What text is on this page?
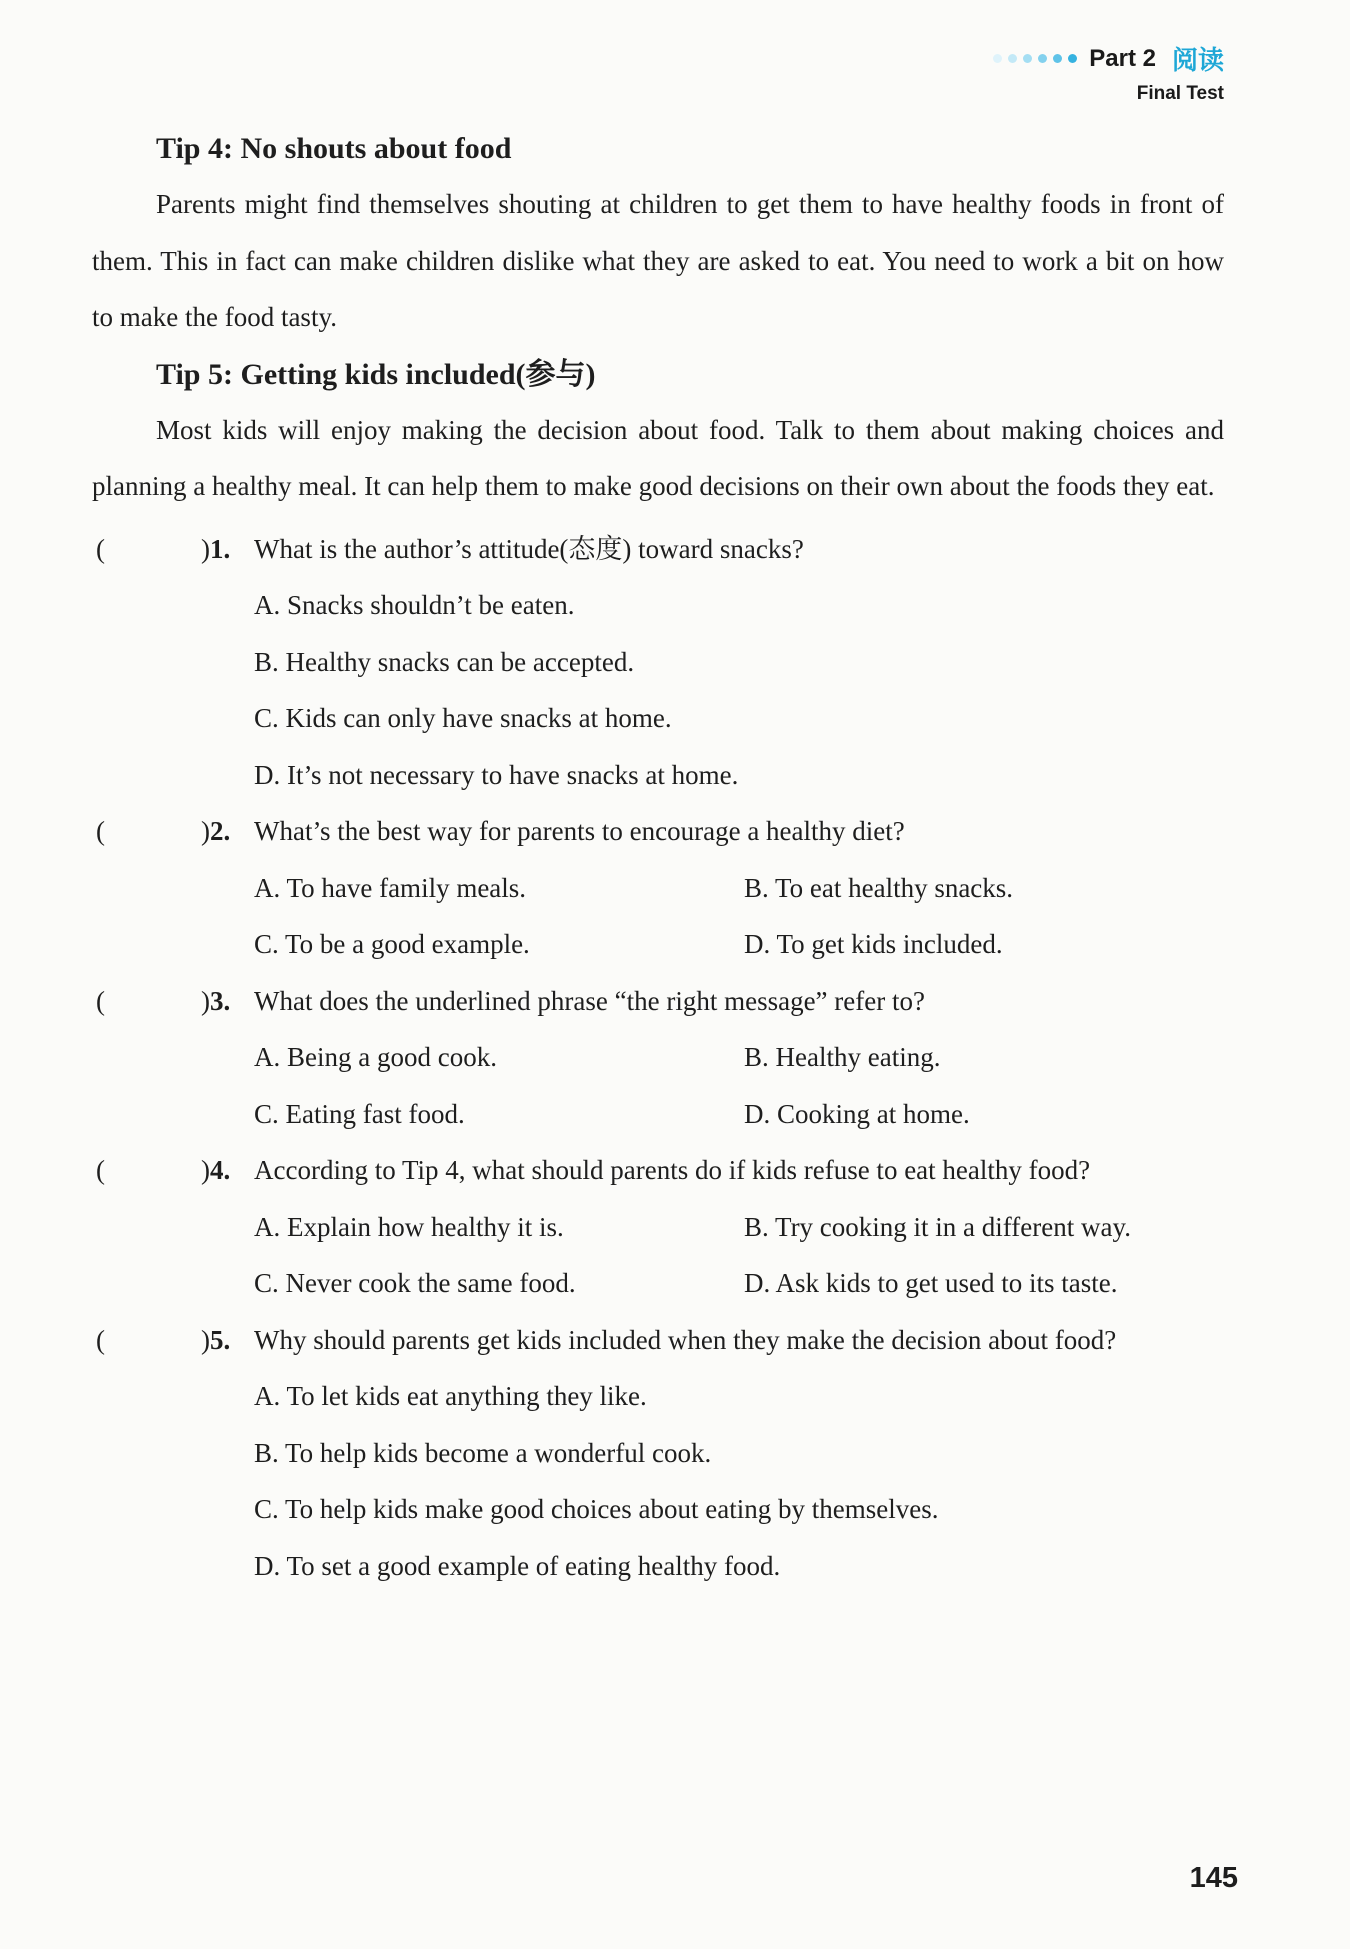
Part 2 阅读
Final Test
Tip 4: No shouts about food

Parents might find themselves shouting at children to get them to have healthy foods in front of them. This in fact can make children dislike what they are asked to eat. You need to work a bit on how to make the food tasty.

Tip 5: Getting kids included(参与)

Most kids will enjoy making the decision about food. Talk to them about making choices and planning a healthy meal. It can help them to make good decisions on their own about the foods they eat.

(	) 1. What is the author’s attitude(态度) toward snacks?
A. Snacks shouldn’t be eaten.
B. Healthy snacks can be accepted.
C. Kids can only have snacks at home.
D. It’s not necessary to have snacks at home.
(	) 2. What’s the best way for parents to encourage a healthy diet?
A. To have family meals.	B. To eat healthy snacks.
C. To be a good example.	D. To get kids included.
(	) 3. What does the underlined phrase “the right message” refer to?
A. Being a good cook.	B. Healthy eating.
C. Eating fast food.	D. Cooking at home.
(	) 4. According to Tip 4, what should parents do if kids refuse to eat healthy food?
A. Explain how healthy it is.	B. Try cooking it in a different way.
C. Never cook the same food.	D. Ask kids to get used to its taste.
(	) 5. Why should parents get kids included when they make the decision about food?
A. To let kids eat anything they like.
B. To help kids become a wonderful cook.
C. To help kids make good choices about eating by themselves.
D. To set a good example of eating healthy food.
145
